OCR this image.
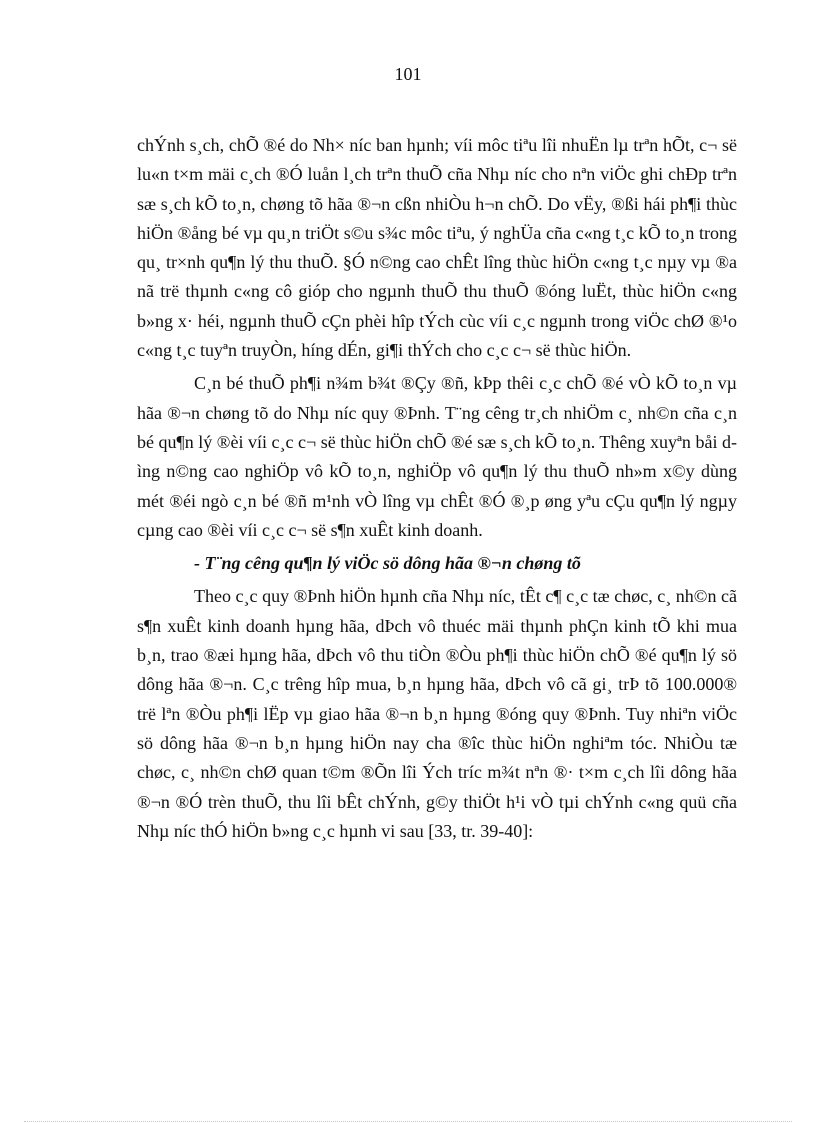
101

chÝnh s¸ch, chÕ ®é do Nh× níc ban hµnh; víi môc tiªu lîi nhuËn lµ trªn hÕt, c¬ së lu«n t×m mäi c¸ch ®Ó luån l¸ch trªn thuÕ cña Nhµ níc cho nªn viÖc ghi chÐp trªn sæ s¸ch kÕ to¸n, chøng tõ hãa ®¬n cßn nhiÒu h¬n chÕ. Do vËy, ®ßi hái ph¶i thùc hiÖn ®ång bé vµ qu¸n triÖt s©u s¾c môc tiªu, ý nghÜa cña c«ng t¸c kÕ to¸n trong qu¸ tr×nh qu¶n lý thu thuÕ. §Ó n©ng cao chÊt lîng thùc hiÖn c«ng t¸c nµy vµ ®a nã trë thµnh c«ng cô gióp cho ngµnh thuÕ thu thuÕ ®óng luËt, thùc hiÖn c«ng b»ng x· héi, ngµnh thuÕ cÇn phèi hîp tÝch cùc víi c¸c ngµnh trong viÖc chØ ®¹o c«ng t¸c tuyªn truyÒn, híng dÉn, gi¶i thÝch cho c¸c c¬ së thùc hiÖn.

C¸n bé thuÕ ph¶i n¾m b¾t ®Çy ®ñ, kÞp thêi c¸c chÕ ®é vÒ kÕ to¸n vµ hãa ®¬n chøng tõ do Nhµ níc quy ®Þnh. T¨ng cêng tr¸ch nhiÖm c¸ nh©n cña c¸n bé qu¶n lý ®èi víi c¸c c¬ së thùc hiÖn chÕ ®é sæ s¸ch kÕ to¸n. Thêng xuyªn båi dìng n©ng cao nghiÖp vô kÕ to¸n, nghiÖp vô qu¶n lý thu thuÕ nh»m x©y dùng mét ®éi ngò c¸n bé ®ñ m¹nh vÒ lîng vµ chÊt ®Ó ®¸p øng yªu cÇu qu¶n lý ngµy cµng cao ®èi víi c¸c c¬ së s¶n xuÊt kinh doanh.

- T¨ng cêng qu¶n lý viÖc sö dông hãa ®¬n chøng tõ

Theo c¸c quy ®Þnh hiÖn hµnh cña Nhµ níc, tÊt c¶ c¸c tæ chøc, c¸ nh©n cã s¶n xuÊt kinh doanh hµng hãa, dÞch vô thuéc mäi thµnh phÇn kinh tÕ khi mua b¸n, trao ®æi hµng hãa, dÞch vô thu tiÒn ®Òu ph¶i thùc hiÖn chÕ ®é qu¶n lý sö dông hãa ®¬n. C¸c trêng hîp mua, b¸n hµng hãa, dÞch vô cã gi¸ trÞ tõ 100.000® trë lªn ®Òu ph¶i lËp vµ giao hãa ®¬n b¸n hµng ®óng quy ®Þnh. Tuy nhiªn viÖc sö dông hãa ®¬n b¸n hµng hiÖn nay cha ®îc thùc hiÖn nghiªm tóc. NhiÒu tæ chøc, c¸ nh©n chØ quan t©m ®Õn lîi Ých tríc m¾t nªn ®· t×m c¸ch lîi dông hãa ®¬n ®Ó trèn thuÕ, thu lîi bÊt chÝnh, g©y thiÖt h¹i vÒ tµi chÝnh c«ng quü cña Nhµ níc thÓ hiÖn b»ng c¸c hµnh vi sau [33, tr. 39-40]:
